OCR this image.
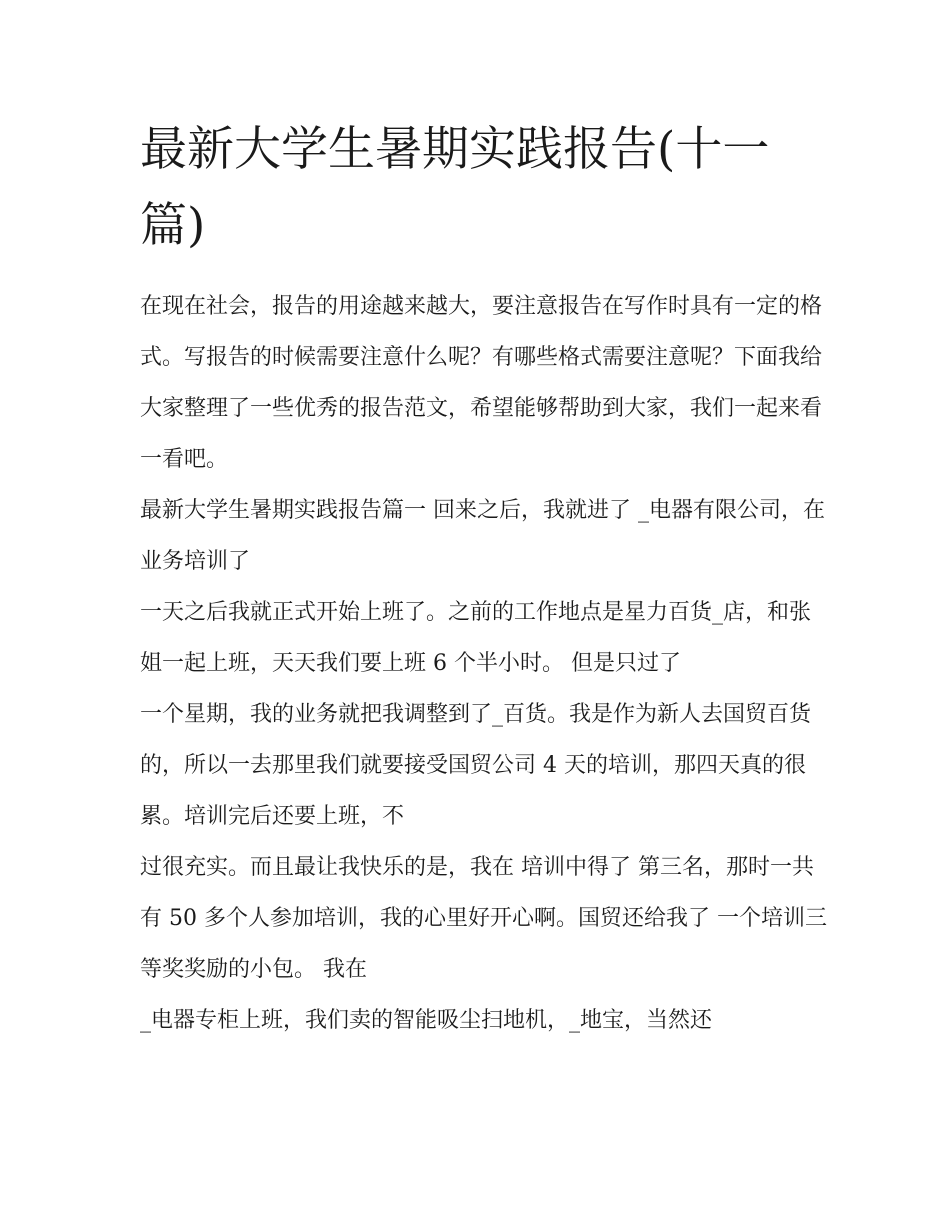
最新大学生暑期实践报告(十一篇)

在现在社会，报告的用途越来越大，要注意报告在写作时具有一定的格式。写报告的时候需要注意什么呢？有哪些格式需要注意呢？下面我给大家整理了一些优秀的报告范文，希望能够帮助到大家，我们一起来看一看吧。

最新大学生暑期实践报告篇一 回来之后，我就进了 _电器有限公司，在 业务培训了

一天之后我就正式开始上班了。之前的工作地点是星力百货_店，和张姐一起上班，天天我们要上班 6 个半小时。 但是只过了

一个星期，我的业务就把我调整到了_百货。我是作为新人去国贸百货的，所以一去那里我们就要接受国贸公司 4 天的培训，那四天真的很累。培训完后还要上班，不

过很充实。而且最让我快乐的是，我在 培训中得了 第三名，那时一共有 50 多个人参加培训，我的心里好开心啊。国贸还给我了 一个培训三等奖奖励的小包。 我在

_电器专柜上班，我们卖的智能吸尘扫地机，_地宝，当然还
